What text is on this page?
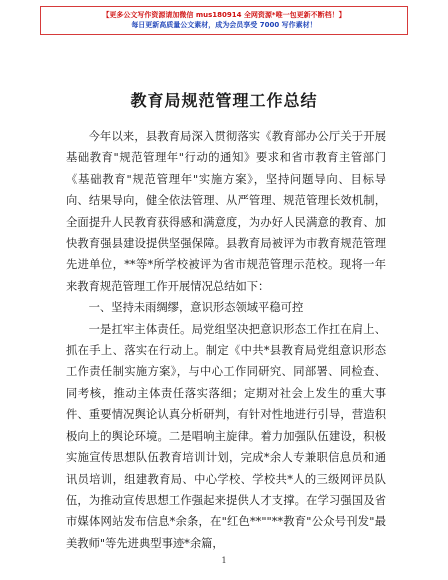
【更多公文写作资源请加微信 mus180914 全网资源*唯一包更新不断档！】
每日更新高质量公文素材，成为会员享受 7000 写作素材！
教育局规范管理工作总结

今年以来，县教育局深入贯彻落实《教育部办公厅关于开展基础教育"规范管理年"行动的通知》要求和省市教育主管部门《基础教育"规范管理年"实施方案》，坚持问题导向、目标导向、结果导向，健全依法管理、从严管理、规范管理长效机制，全面提升人民教育获得感和满意度，为办好人民满意的教育、加快教育强县建设提供坚强保障。县教育局被评为市教育规范管理先进单位，**等*所学校被评为省市规范管理示范校。现将一年来教育规范管理工作开展情况总结如下：

一、坚持未雨绸缪，意识形态领域平稳可控

一是扛牢主体责任。局党组坚决把意识形态工作扛在肩上、抓在手上、落实在行动上。制定《中共*县教育局党组意识形态工作责任制实施方案》，与中心工作同研究、同部署、同检查、同考核，推动主体责任落实落细；定期对社会上发生的重大事件、重要情况舆论认真分析研判，有针对性地进行引导，营造积极向上的舆论环境。二是唱响主旋律。着力加强队伍建设，积极实施宣传思想队伍教育培训计划，完成*余人专兼职信息员和通讯员培训，组建教育局、中心学校、学校共*人的三级网评员队伍，为推动宣传思想工作强起来提供人才支撑。在学习强国及省市媒体网站发布信息*余条，在"红色**""**教育"公众号刊发"最美教师"等先进典型事迹*余篇，

1
